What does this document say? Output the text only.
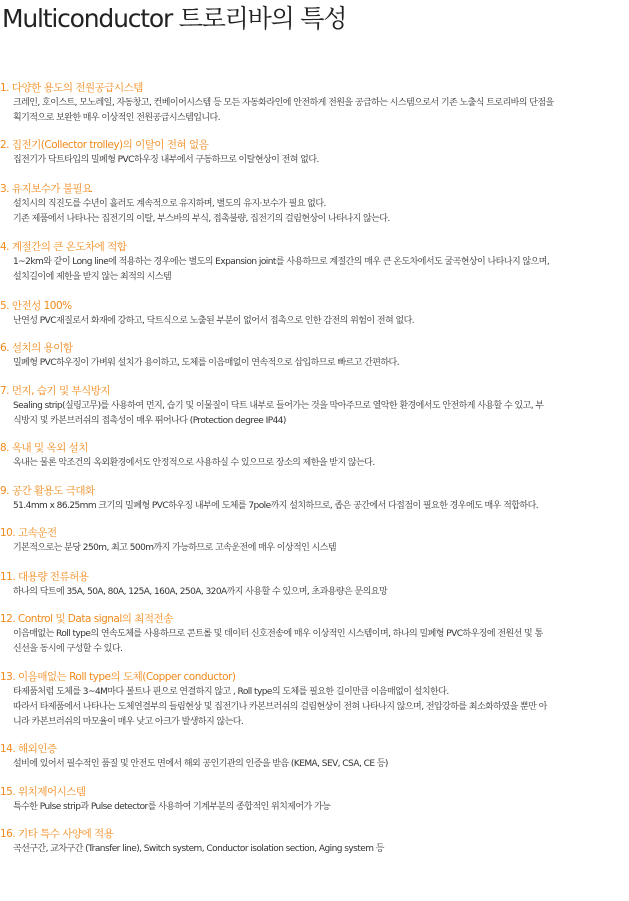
Multiconductor 트로리바의 특성
1. 다양한 용도의 전원공급시스템
크레인, 호이스트, 모노레일, 자동창고, 컨베이어시스템 등 모든 자동화라인에 안전하게 전원을 공급하는 시스템으로서 기존 노출식 트로리바의 단점을
획기적으로 보완한 매우 이상적인 전원공급시스템입니다.
2. 집전기(Collector trolley)의 이탈이 전혀 없음
집전기가 닥트타입의 밀폐형 PVC하우징 내부에서 구동하므로 이탈현상이 전혀 없다.
3. 유지보수가 불필요
설치시의 직진도를 수년이 흘러도 계속적으로 유지하며, 별도의 유지·보수가 필요 없다.
기존 제품에서 나타나는 집전기의 이탈, 부스바의 부식, 접촉불량, 집전기의 걸림현상이 나타나지 않는다.
4. 계절간의 큰 온도차에 적합
1~2km와 같이 Long line에 적용하는 경우에는 별도의 Expansion joint를 사용하므로 계절간의 매우 큰 온도차에서도 굴곡현상이 나타나지 않으며,
설치길이에 제한을 받지 않는 최적의 시스템
5. 안전성 100%
난연성 PVC재질로서 화재에 강하고, 닥트식으로 노출된 부분이 없어서 접촉으로 인한 감전의 위험이 전혀 없다.
6. 설치의 용이함
밀폐형 PVC하우징이 가벼워 설치가 용이하고, 도체를 이음매없이 연속적으로 삽입하므로 빠르고 간편하다.
7. 먼지, 습기 및 부식방지
Sealing strip(실링고무)를 사용하여 먼지, 습기 및 이물질이 닥트 내부로 들어가는 것을 막아주므로 열악한 환경에서도 안전하게 사용할 수 있고, 부
식방지 및 카본브러쉬의 접촉성이 매우 뛰어나다 (Protection degree IP44)
8. 옥내 및 옥외 설치
옥내는 물론 악조건의 옥외환경에서도 안정적으로 사용하실 수 있으므로 장소의 제한을 받지 않는다.
9. 공간 활용도 극대화
51.4mm x 86.25mm 크기의 밀폐형 PVC하우징 내부에 도체를 7pole까지 설치하므로, 좁은 공간에서 다접점이 필요한 경우에도 매우 적합하다.
10. 고속운전
기본적으로는 분당 250m, 최고 500m까지 가능하므로 고속운전에 매우 이상적인 시스템
11. 대용량 전류허용
하나의 닥트에 35A, 50A, 80A, 125A, 160A, 250A, 320A까지 사용할 수 있으며, 초과용량은 문의요망
12. Control 및 Data signal의 최적전송
이음매없는 Roll type의 연속도체를 사용하므로 콘트롤 및 데이터 신호전송에 매우 이상적인 시스템이며, 하나의 밀폐형 PVC하우징에 전원선 및 통
신선을 동시에 구성할 수 있다.
13. 이음매없는 Roll type의 도체(Copper conductor)
타제품처럼 도체를 3~4M마다 볼트나 핀으로 연결하지 않고 , Roll type의 도체를 필요한 길이만큼 이음매없이 설치한다.
따라서 타제품에서 나타나는 도체연결부의 들림현상 및 집전기나 카본브러쉬의 걸림현상이 전혀 나타나지 않으며, 전압강하를 최소화하였을 뿐만 아
니라 카본브러쉬의 마모율이 매우 낮고 아크가 발생하지 않는다.
14. 해외인증
설비에 있어서 필수적인 품질 및 안전도 면에서 해외 공인기관의 인증을 받음 (KEMA, SEV, CSA, CE 등)
15. 위치제어시스템
특수한 Pulse strip과 Pulse detector를 사용하여 기계부분의 종합적인 위치제어가 가능
16. 기타 특수 사양에 적용
곡선구간, 교차구간 (Transfer line), Switch system, Conductor isolation section, Aging system 등
